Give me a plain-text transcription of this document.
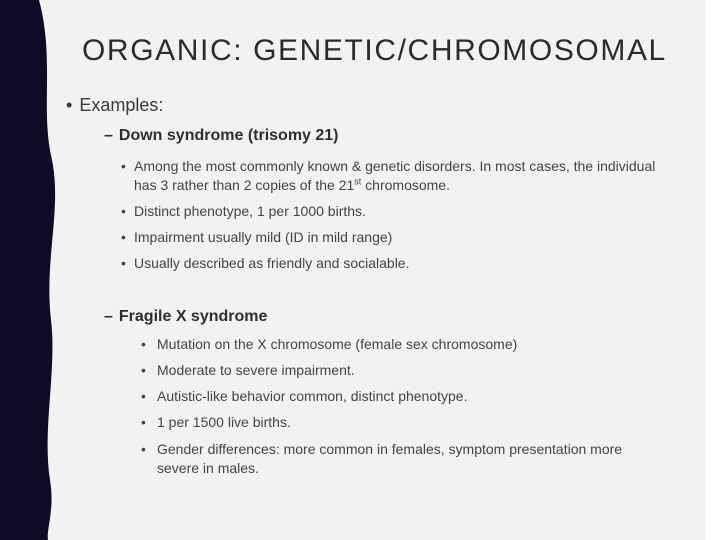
ORGANIC: GENETIC/CHROMOSOMAL
• Examples:
– Down syndrome (trisomy 21)
• Among the most commonly known & genetic disorders. In most cases, the individual has 3 rather than 2 copies of the 21st chromosome.
• Distinct phenotype, 1 per 1000 births.
• Impairment usually mild (ID in mild range)
• Usually described as friendly and socialable.
– Fragile X syndrome
• Mutation on the X chromosome (female sex chromosome)
• Moderate to severe impairment.
• Autistic-like behavior common, distinct phenotype.
• 1 per 1500 live births.
• Gender differences: more common in females, symptom presentation more severe in males.
